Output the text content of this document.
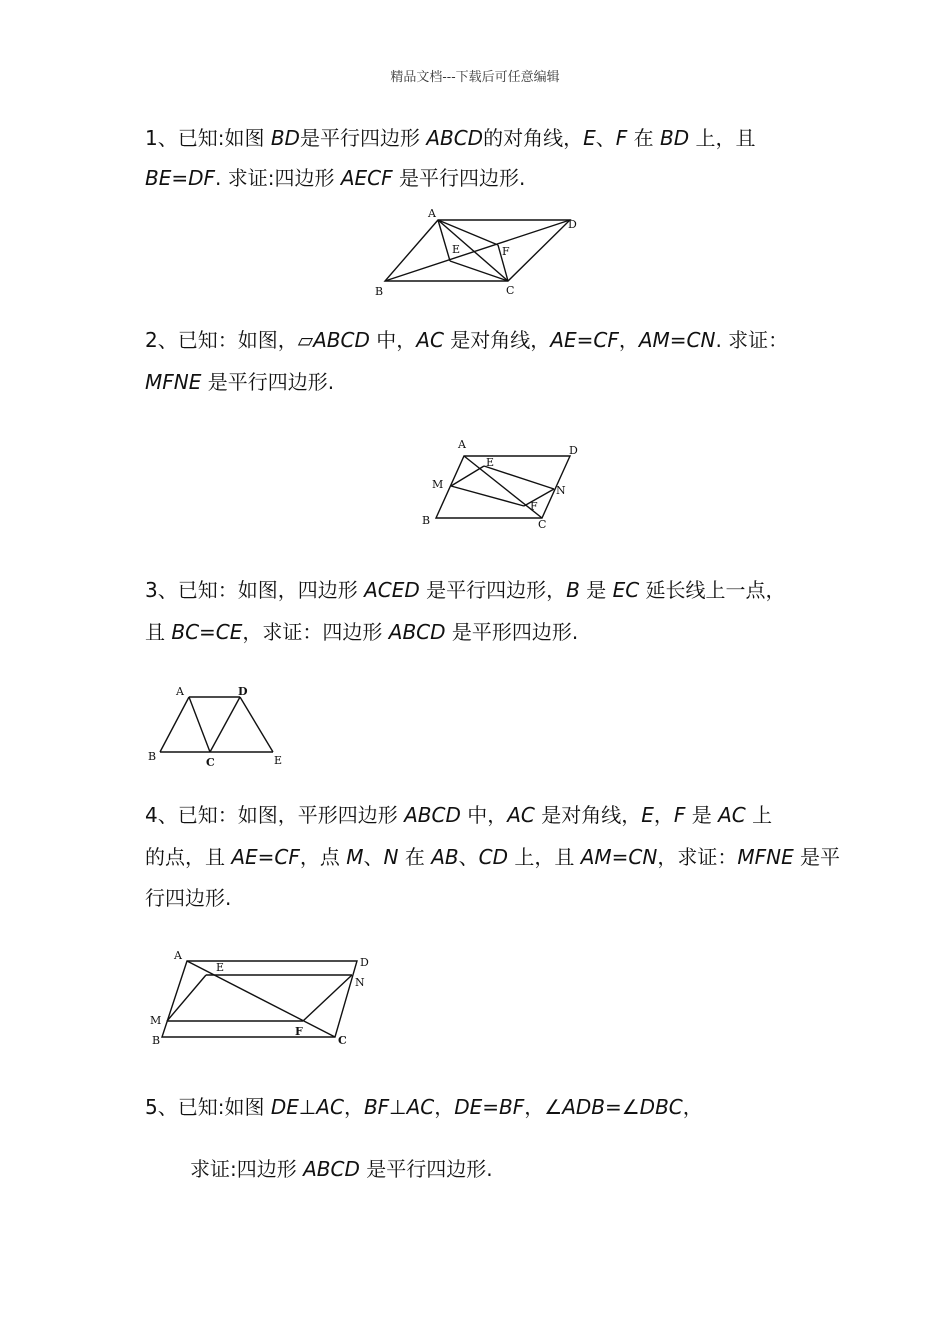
精品文档---下载后可任意编辑
1、已知:如图 BD是平行四边形 ABCD的对角线，E、F 在 BD 上，且
BE=DF. 求证:四边形 AECF 是平行四边形.
A
D
B	C
E	F
2、已知：如图，▱ABCD 中，AC 是对角线，AE=CF，AM=CN. 求证：
MFNE 是平行四边形.
A	D
M
E
N
F
B	C
3、已知：如图，四边形 ACED 是平行四边形，B 是 EC 延长线上一点，
且 BC=CE，求证：四边形 ABCD 是平形四边形.
A	D
B	C	E
4、已知：如图，平形四边形 ABCD 中，AC 是对角线，E，F 是 AC 上
的点，且 AE=CF，点 M、N 在 AB、CD 上，且 AM=CN，求证：MFNE 是平
行四边形.
A
D
E
N
M
F
B	C
5、已知:如图 DE⊥AC，BF⊥AC，DE=BF，∠ADB=∠DBC，
求证:四边形 ABCD 是平行四边形.
